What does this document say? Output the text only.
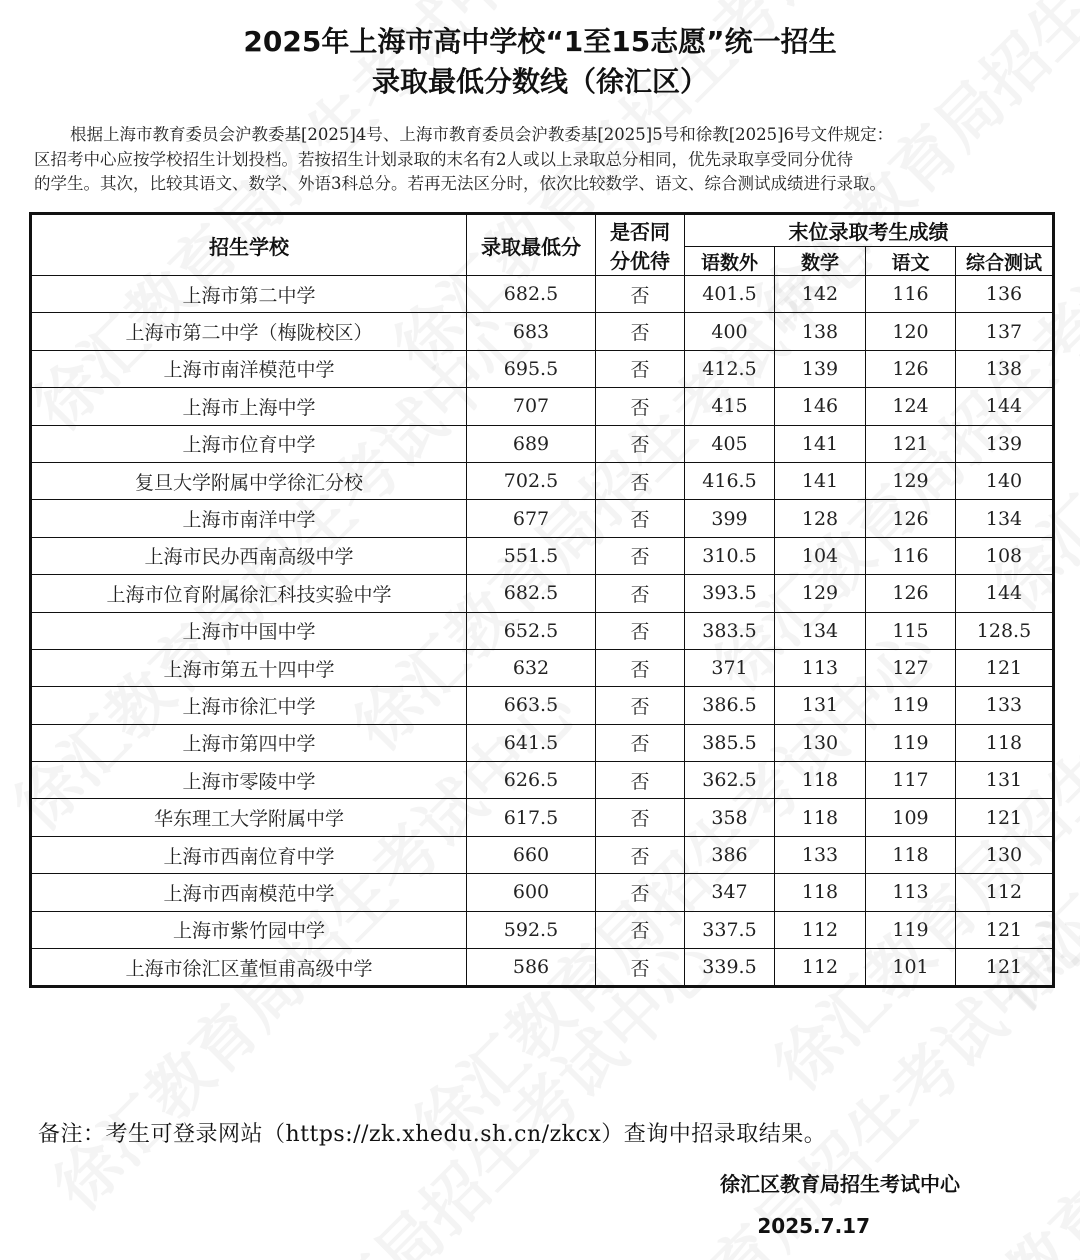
2025年上海市高中学校“1至15志愿”统一招生
录取最低分数线（徐汇区）
根据上海市教育委员会沪教委基[2025]4号、上海市教育委员会沪教委基[2025]5号和徐教[2025]6号文件规定：
区招考中心应按学校招生计划投档。若按招生计划录取的末名有2人或以上录取总分相同，优先录取享受同分优待
的学生。其次，比较其语文、数学、外语3科总分。若再无法区分时，依次比较数学、语文、综合测试成绩进行录取。
招生学校	录取最低分	是否同
分优待	末位录取考生成绩			
			语数外	数学	语文	综合测试
上海市第二中学	682.5	否	401.5	142	116	136
上海市第二中学（梅陇校区）	683	否	400	138	120	137
上海市南洋模范中学	695.5	否	412.5	139	126	138
上海市上海中学	707	否	415	146	124	144
上海市位育中学	689	否	405	141	121	139
复旦大学附属中学徐汇分校	702.5	否	416.5	141	129	140
上海市南洋中学	677	否	399	128	126	134
上海市民办西南高级中学	551.5	否	310.5	104	116	108
上海市位育附属徐汇科技实验中学	682.5	否	393.5	129	126	144
上海市中国中学	652.5	否	383.5	134	115	128.5
上海市第五十四中学	632	否	371	113	127	121
上海市徐汇中学	663.5	否	386.5	131	119	133
上海市第四中学	641.5	否	385.5	130	119	118
上海市零陵中学	626.5	否	362.5	118	117	131
华东理工大学附属中学	617.5	否	358	118	109	121
上海市西南位育中学	660	否	386	133	118	130
上海市西南模范中学	600	否	347	118	113	112
上海市紫竹园中学	592.5	否	337.5	112	119	121
上海市徐汇区董恒甫高级中学	586	否	339.5	112	101	121
备注：考生可登录网站（https://zk.xhedu.sh.cn/zkcx）查询中招录取结果。
徐汇区教育局招生考试中心
2025.7.17
